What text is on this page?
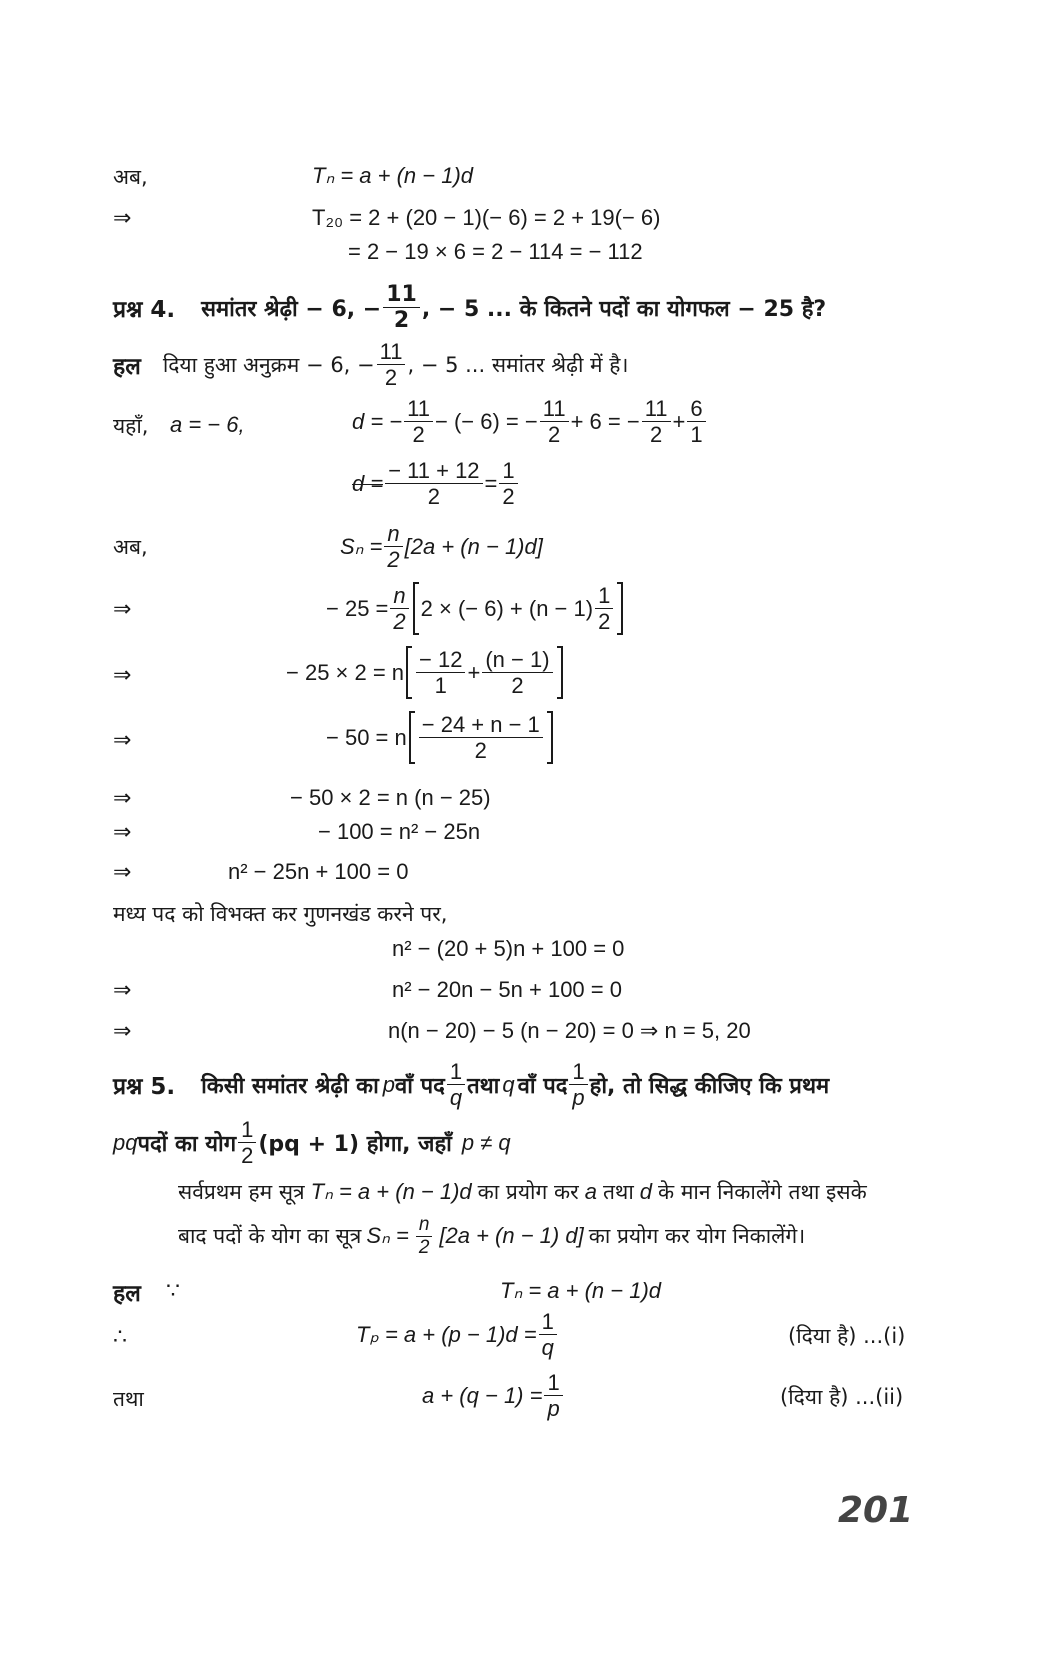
अब,	Tₙ = a + (n − 1)d
⇒	T₂₀ = 2 + (20 − 1)(− 6) = 2 + 19(− 6)
= 2 − 19 × 6 = 2 − 114 = − 112
प्रश्न 4. समांतर श्रेढ़ी − 6, − $\frac{11}{2}$ , − 5 ... के कितने पदों का योगफल − 25 है?
हल दिया हुआ अनुक्रम − 6, − $\frac{11}{2}$ , − 5 ... समांतर श्रेढ़ी में है।
यहाँ, a = − 6,	d = − $\frac{11}{2}$ − (− 6) = − $\frac{11}{2} + 6$ = − $\frac{11}{2} + \frac{6}{1}$
$d = \frac{- 11 + 12}{2} = \frac{1}{2}$
अब,	$S_n = \frac{n}{2} [2a + (n - 1)d]$
⇒	− $25 = \frac{n}{2} 2$ × (− $6) + (n - 1) \frac{1}{2}$
⇒	− 25 × 2 = n $\frac{- 12}{1} + \frac{(n - 1)}{2}$
⇒	− 50 = n $\frac{- 24 + n - 1}{2}$
⇒	− 50 × 2 = n (n − 25)
⇒	− 100 = n² − 25n
⇒	n² − 25n + 100 = 0
मध्य पद को विभक्त कर गुणनखंड करने पर,
n² − (20 + 5)n + 100 = 0
⇒	n² − 20n − 5n + 100 = 0
⇒	n(n − 20) − 5 (n − 20) = 0 ⇒ n = 5, 20
प्रश्न 5. किसी समांतर श्रेढ़ी का p वाँ पद $\frac{1}{q}$ तथा q वाँ पद $\frac{1}{p}$ हो, तो सिद्ध कीजिए कि प्रथम
pq पदों का योग $\frac{1}{2} (pq + 1)$ होगा, जहाँ p ≠ q
सर्वप्रथम हम सूत्र Tₙ = a + (n − 1)d का प्रयोग कर a तथा d के मान निकालेंगे तथा इसके
बाद पदों के योग का सूत्र $S_n = \frac{n}{2} [2a + (n - 1)$ d] का प्रयोग कर योग निकालेंगे।
हल ∵	Tₙ = a + (n − 1)d
∴	$T_p = a + (p - 1)d = \frac{1}{q}$	(दिया है) ...(i)
तथा	$a + (q - 1) = \frac{1}{p}$	(दिया है) ...(ii)
201
